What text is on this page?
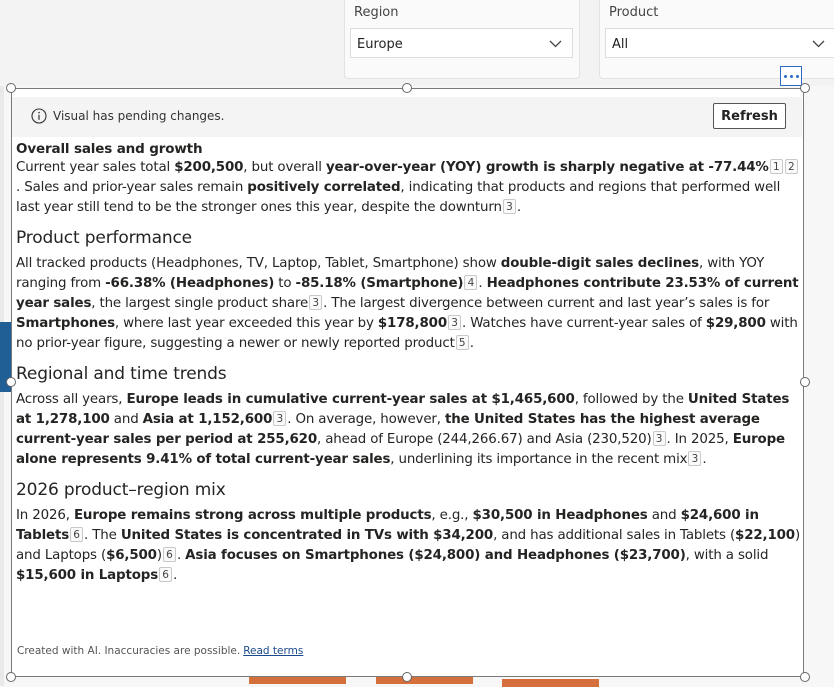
Region
Europe
Product
All
Visual has pending changes.	Refresh
Overall sales and growth

Current year sales total $200,500, but overall year-over-year (YOY) growth is sharply negative at -77.44% 1 2. Sales and prior-year sales remain positively correlated, indicating that products and regions that performed well last year still tend to be the stronger ones this year, despite the downturn 3 .

Product performance

All tracked products (Headphones, TV, Laptop, Tablet, Smartphone) show double-digit sales declines, with YOY ranging from -66.38% (Headphones) to -85.18% (Smartphone) 4 . Headphones contribute 23.53% of current year sales, the largest single product share 3 . The largest divergence between current and last year’s sales is for Smartphones, where last year exceeded this year by $178,800 3 . Watches have current-year sales of $29,800 with no prior-year figure, suggesting a newer or newly reported product 5 .

Regional and time trends

Across all years, Europe leads in cumulative current-year sales at $1,465,600, followed by the United States at 1,278,100 and Asia at 1,152,600 3 . On average, however, the United States has the highest average current-year sales per period at 255,620, ahead of Europe (244,266.67) and Asia (230,520) 3 . In 2025, Europe alone represents 9.41% of total current-year sales, underlining its importance in the recent mix 3 .

2026 product–region mix

In 2026, Europe remains strong across multiple products, e.g., $30,500 in Headphones and $24,600 in Tablets 6 . The United States is concentrated in TVs with $34,200, and has additional sales in Tablets ($22,100) and Laptops ($6,500) 6 . Asia focuses on Smartphones ($24,800) and Headphones ($23,700), with a solid $15,600 in Laptops 6 .

Created with AI. Inaccuracies are possible. Read terms
